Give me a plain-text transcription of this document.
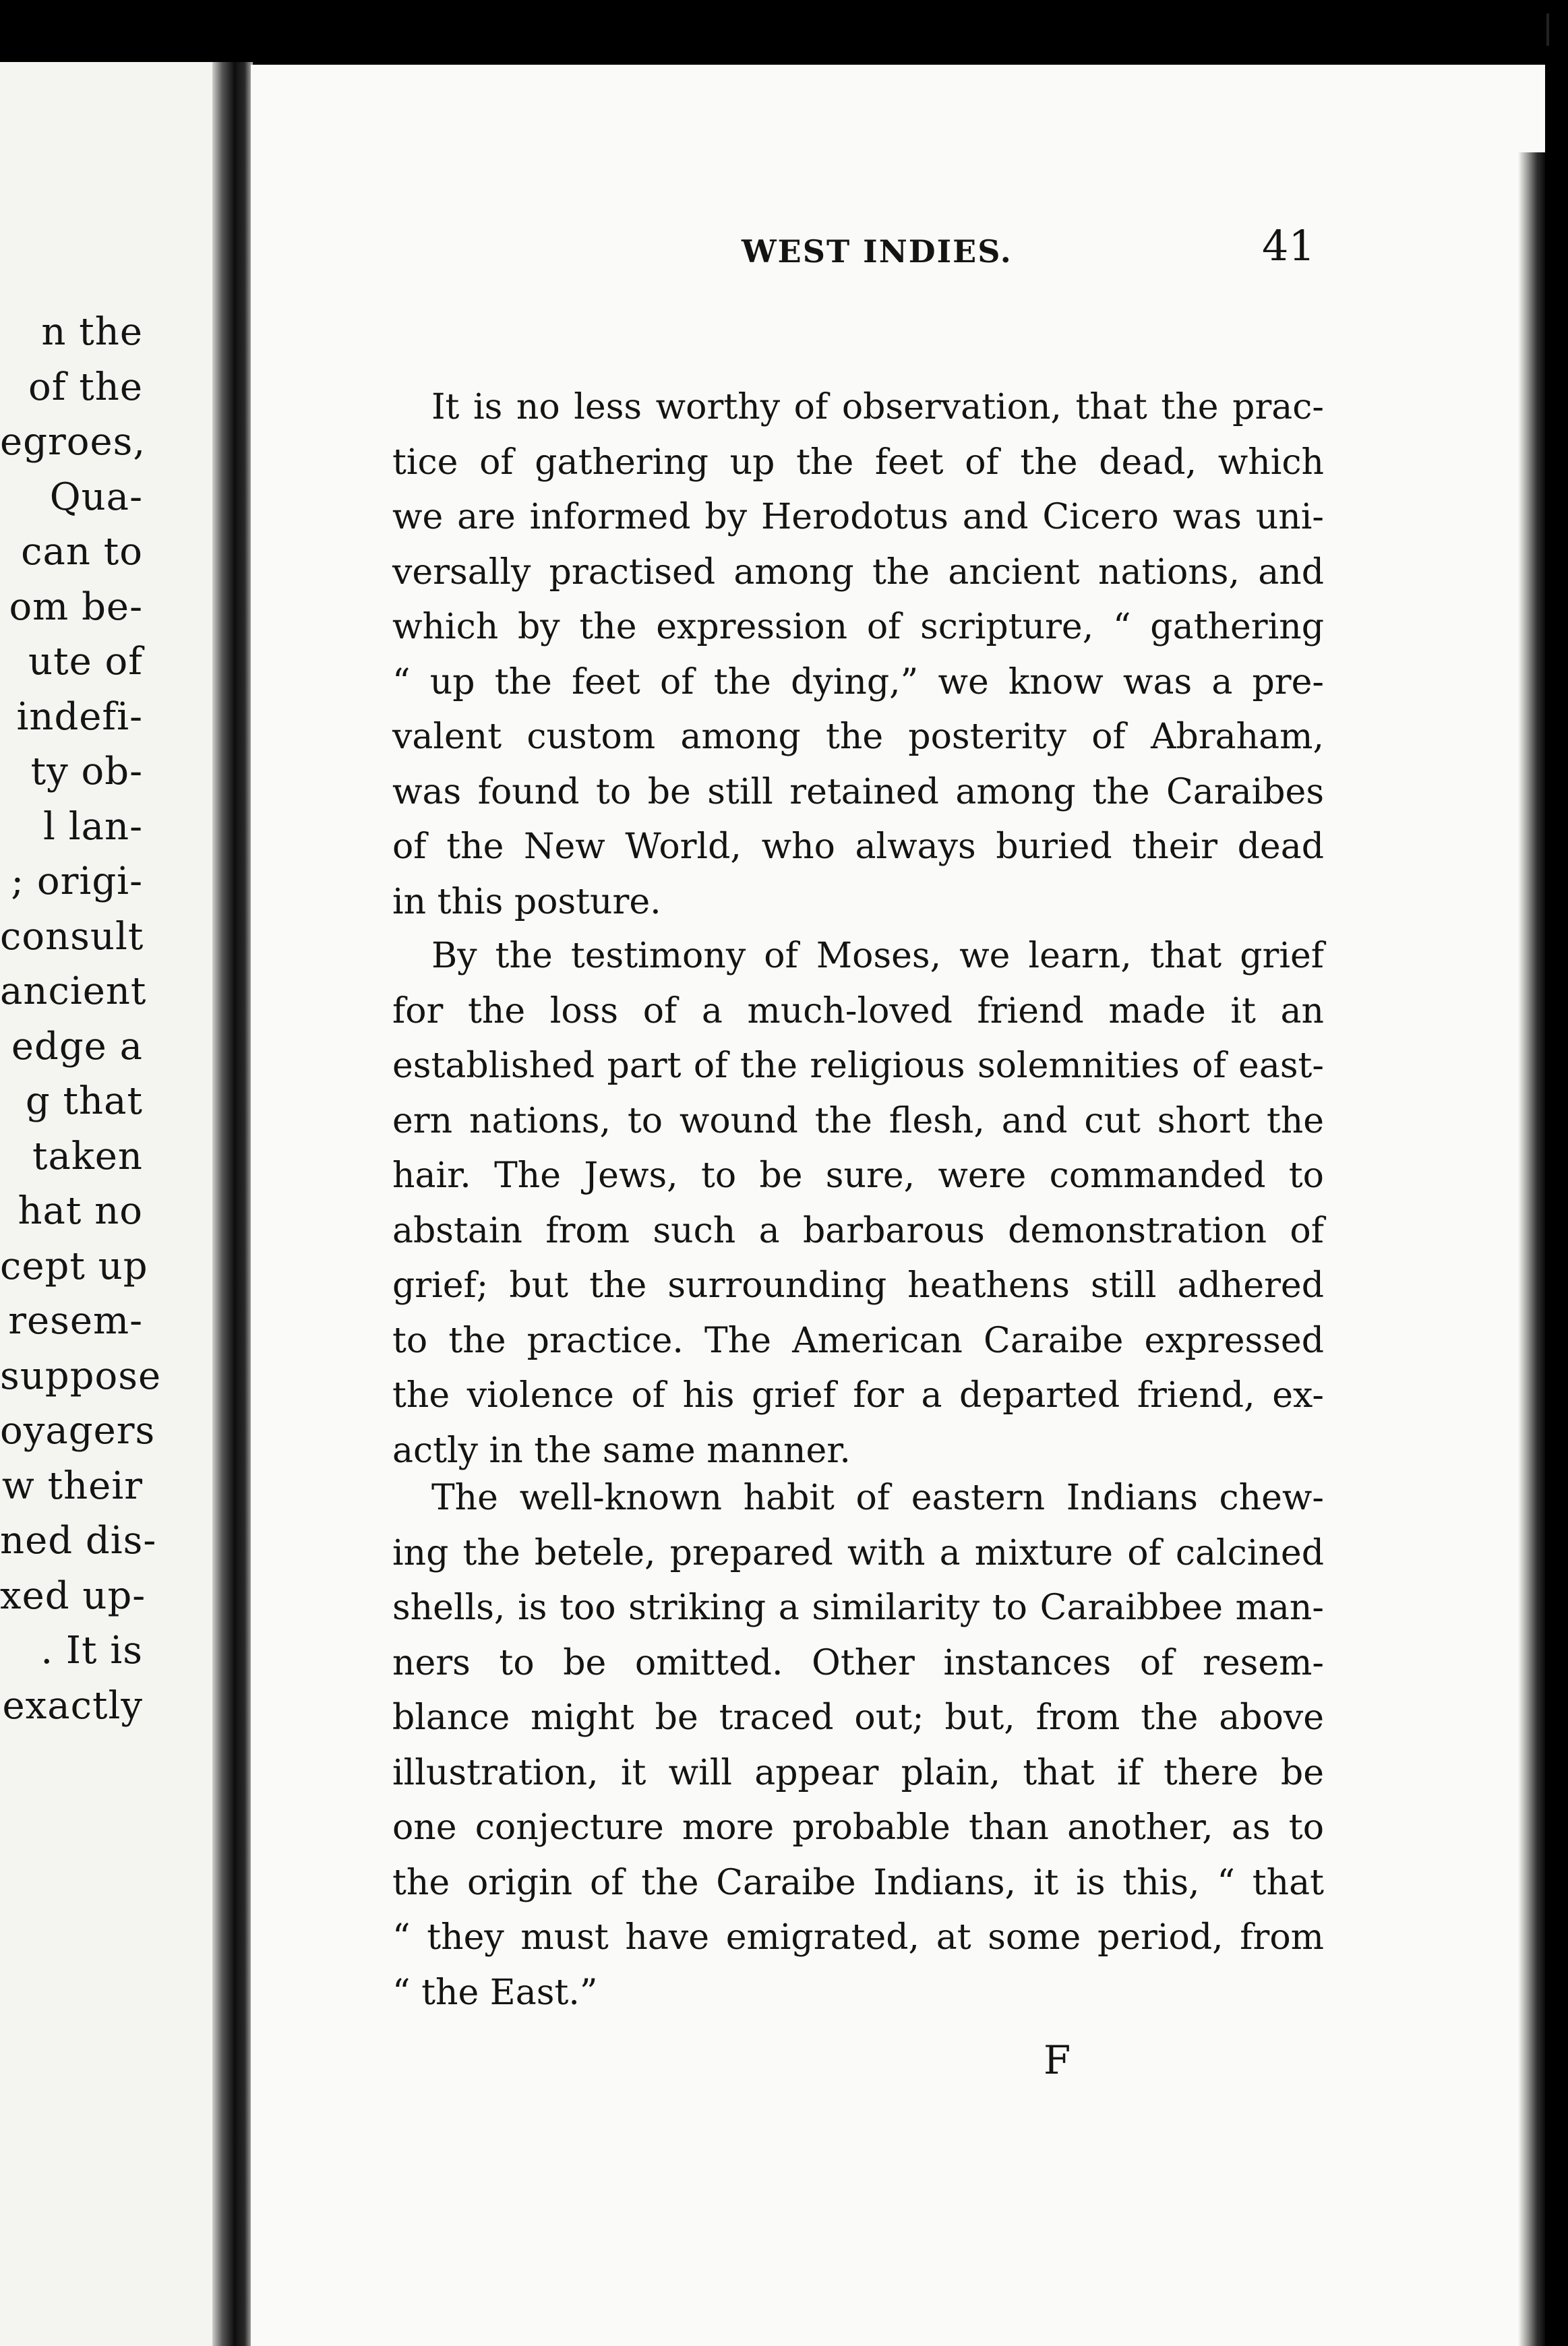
n the
of the
egroes,
Qua-
can to
om be-
ute of
indefi-
ty ob-
l lan-
; origi-
consult
ancient
edge a
g that
taken
hat no
cept up
resem-
suppose
oyagers
w their
ned dis-
xed up-
. It is
exactly
WEST INDIES.	41
It is no less worthy of observation, that the prac-
tice of gathering up the feet of the dead, which
we are informed by Herodotus and Cicero was uni-
versally practised among the ancient nations, and
which by the expression of scripture, “ gathering
“ up the feet of the dying,” we know was a pre-
valent custom among the posterity of Abraham,
was found to be still retained among the Caraibes
of the New World, who always buried their dead
in this posture.
By the testimony of Moses, we learn, that grief
for the loss of a much-loved friend made it an
established part of the religious solemnities of east-
ern nations, to wound the flesh, and cut short the
hair. The Jews, to be sure, were commanded to
abstain from such a barbarous demonstration of
grief; but the surrounding heathens still adhered
to the practice. The American Caraibe expressed
the violence of his grief for a departed friend, ex-
actly in the same manner.
The well-known habit of eastern Indians chew-
ing the betele, prepared with a mixture of calcined
shells, is too striking a similarity to Caraibbee man-
ners to be omitted. Other instances of resem-
blance might be traced out; but, from the above
illustration, it will appear plain, that if there be
one conjecture more probable than another, as to
the origin of the Caraibe Indians, it is this, “ that
“ they must have emigrated, at some period, from
“ the East.”
F
